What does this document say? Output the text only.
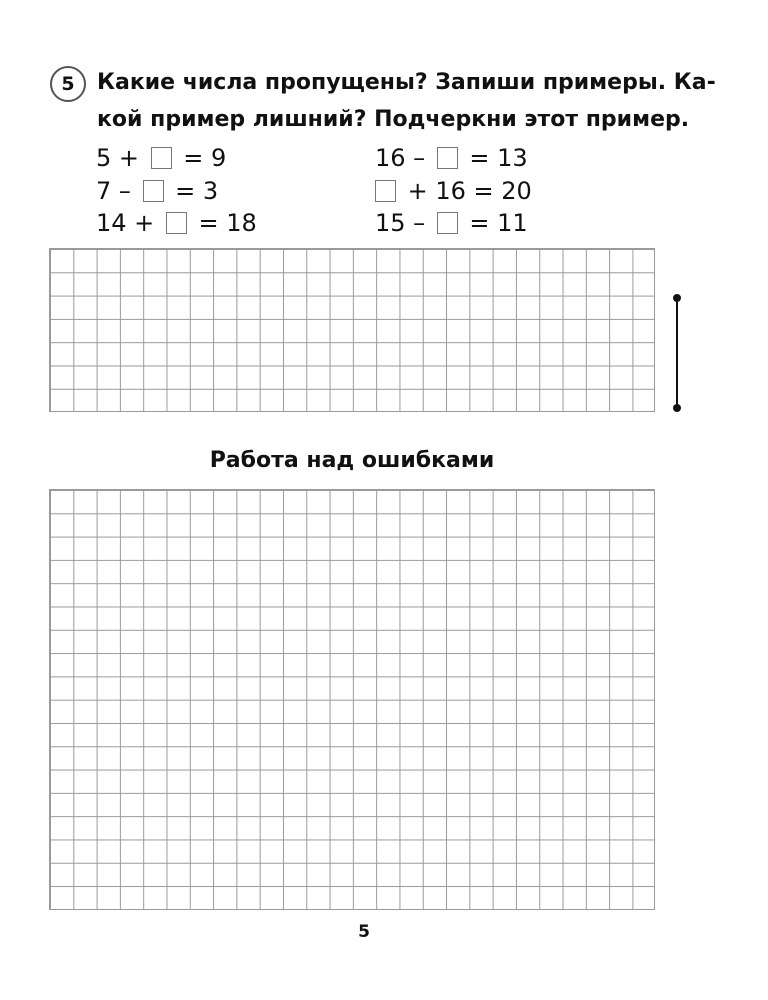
5 Какие числа пропущены? Запиши примеры. Ка-
кой пример лишний? Подчеркни этот пример.

5 + = 9
7 – = 3
14 + = 18
16 – = 13
+ 16 = 20
15 – = 11
Работа над ошибками
5
